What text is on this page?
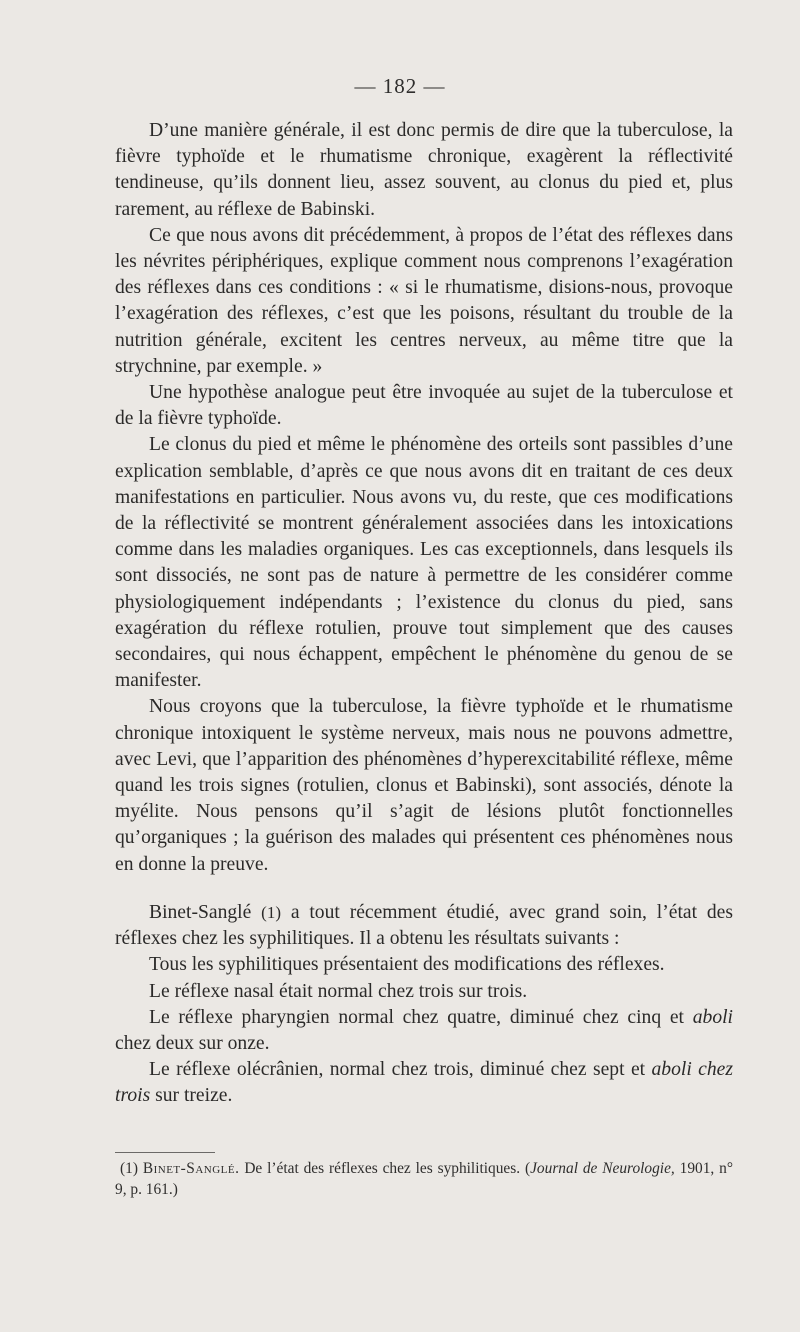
— 182 —

D’une manière générale, il est donc permis de dire que la tuberculose, la fièvre typhoïde et le rhumatisme chronique, exagèrent la réflectivité tendineuse, qu’ils donnent lieu, assez souvent, au clonus du pied et, plus rarement, au réflexe de Babinski.

Ce que nous avons dit précédemment, à propos de l’état des réflexes dans les névrites périphériques, explique comment nous comprenons l’exagération des réflexes dans ces conditions : « si le rhumatisme, disions-nous, provoque l’exagération des réflexes, c’est que les poisons, résultant du trouble de la nutrition générale, excitent les centres nerveux, au même titre que la strychnine, par exemple. »

Une hypothèse analogue peut être invoquée au sujet de la tuberculose et de la fièvre typhoïde.

Le clonus du pied et même le phénomène des orteils sont passibles d’une explication semblable, d’après ce que nous avons dit en traitant de ces deux manifestations en particulier. Nous avons vu, du reste, que ces modifications de la réflectivité se montrent généralement associées dans les intoxications comme dans les maladies organiques. Les cas exceptionnels, dans lesquels ils sont dissociés, ne sont pas de nature à permettre de les considérer comme physiologiquement indépendants ; l’existence du clonus du pied, sans exagération du réflexe rotulien, prouve tout simplement que des causes secondaires, qui nous échappent, empêchent le phénomène du genou de se manifester.

Nous croyons que la tuberculose, la fièvre typhoïde et le rhumatisme chronique intoxiquent le système nerveux, mais nous ne pouvons admettre, avec Levi, que l’apparition des phénomènes d’hyperexcitabilité réflexe, même quand les trois signes (rotulien, clonus et Babinski), sont associés, dénote la myélite. Nous pensons qu’il s’agit de lésions plutôt fonctionnelles qu’organiques ; la guérison des malades qui présentent ces phénomènes nous en donne la preuve.

Binet-Sanglé (1) a tout récemment étudié, avec grand soin, l’état des réflexes chez les syphilitiques. Il a obtenu les résultats suivants :

Tous les syphilitiques présentaient des modifications des réflexes.

Le réflexe nasal était normal chez trois sur trois.

Le réflexe pharyngien normal chez quatre, diminué chez cinq et aboli chez deux sur onze.

Le réflexe olécrânien, normal chez trois, diminué chez sept et aboli chez trois sur treize.

(1) Binet-Sanglé. De l’état des réflexes chez les syphilitiques. (Journal de Neurologie, 1901, n° 9, p. 161.)
